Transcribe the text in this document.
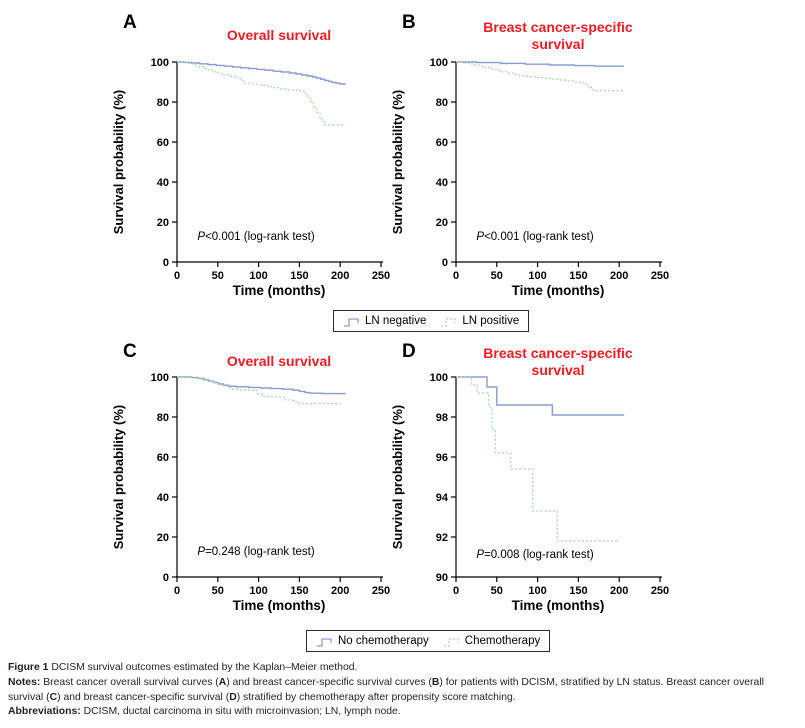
A
Overall survival
0
20
40
60
80
100
0	50 100 150 200 250
Survival probability (%)
Time (months)
P<0.001 (log-rank test)
B	Breast cancer-specific survival
0
20
40
60
80
100
0	50 100 150 200 250
Survival probability (%)
Time (months)
P<0.001 (log-rank test)
LN negative	LN positive
C	Overall survival
0
20
40
60
80
100
0	50 100 150 200 250
Survival probability (%)
Time (months)
P=0.248 (log-rank test)
D	Breast cancer-specific survival
90
92
94
96
98
100
0	50 100 150 200 250
Survival probability (%)
Time (months)
P=0.008 (log-rank test)
No chemotherapy	Chemotherapy
Figure 1 DCISM survival outcomes estimated by the Kaplan–Meier method.
Notes: Breast cancer overall survival curves (A) and breast cancer-specific survival curves (B) for patients with DCISM, stratified by LN status. Breast cancer overall survival (C) and breast cancer-specific survival (D) stratified by chemotherapy after propensity score matching.
Abbreviations: DCISM, ductal carcinoma in situ with microinvasion; LN, lymph node.
